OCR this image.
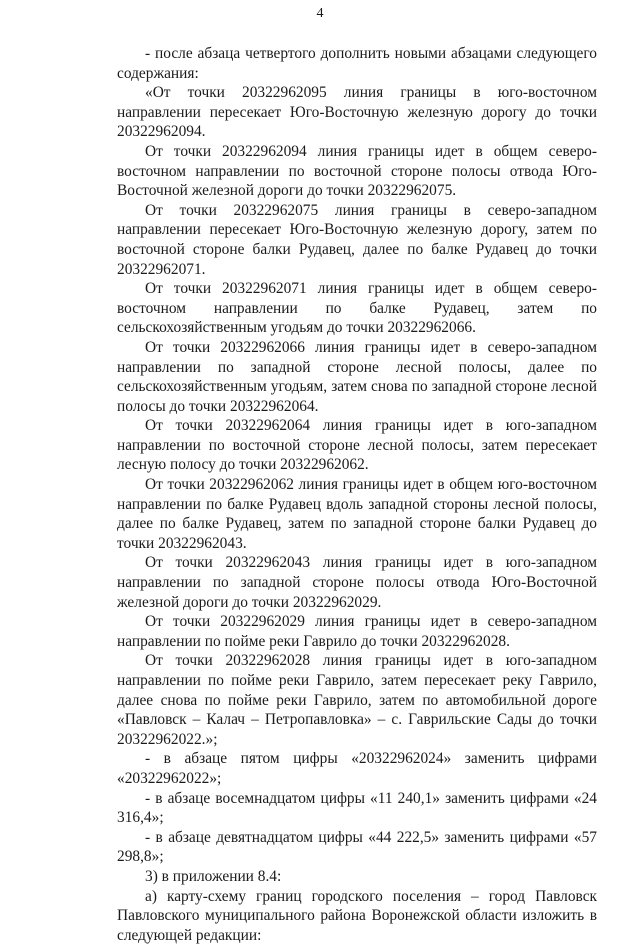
4

- после абзаца четвертого дополнить новыми абзацами следующего содержания:

«От точки 20322962095 линия границы в юго-восточном направлении пересекает Юго-Восточную железную дорогу до точки 20322962094.

От точки 20322962094 линия границы идет в общем северо-восточном направлении по восточной стороне полосы отвода Юго-Восточной железной дороги до точки 20322962075.

От точки 20322962075 линия границы в северо-западном направлении пересекает Юго-Восточную железную дорогу, затем по восточной стороне балки Рудавец, далее по балке Рудавец до точки 20322962071.

От точки 20322962071 линия границы идет в общем северо-восточном направлении по балке Рудавец, затем по сельскохозяйственным угодьям до точки 20322962066.

От точки 20322962066 линия границы идет в северо-западном направлении по западной стороне лесной полосы, далее по сельскохозяйственным угодьям, затем снова по западной стороне лесной полосы до точки 20322962064.

От точки 20322962064 линия границы идет в юго-западном направлении по восточной стороне лесной полосы, затем пересекает лесную полосу до точки 20322962062.

От точки 20322962062 линия границы идет в общем юго-восточном направлении по балке Рудавец вдоль западной стороны лесной полосы, далее по балке Рудавец, затем по западной стороне балки Рудавец до точки 20322962043.

От точки 20322962043 линия границы идет в юго-западном направлении по западной стороне полосы отвода Юго-Восточной железной дороги до точки 20322962029.

От точки 20322962029 линия границы идет в северо-западном направлении по пойме реки Гаврило до точки 20322962028.

От точки 20322962028 линия границы идет в юго-западном направлении по пойме реки Гаврило, затем пересекает реку Гаврило, далее снова по пойме реки Гаврило, затем по автомобильной дороге «Павловск – Калач – Петропавловка» – с. Гаврильские Сады до точки 20322962022.»;

- в абзаце пятом цифры «20322962024» заменить цифрами «20322962022»;

- в абзаце восемнадцатом цифры «11 240,1» заменить цифрами «24 316,4»;

- в абзаце девятнадцатом цифры «44 222,5» заменить цифрами «57 298,8»;

3) в приложении 8.4:

а) карту-схему границ городского поселения – город Павловск Павловского муниципального района Воронежской области изложить в следующей редакции:
